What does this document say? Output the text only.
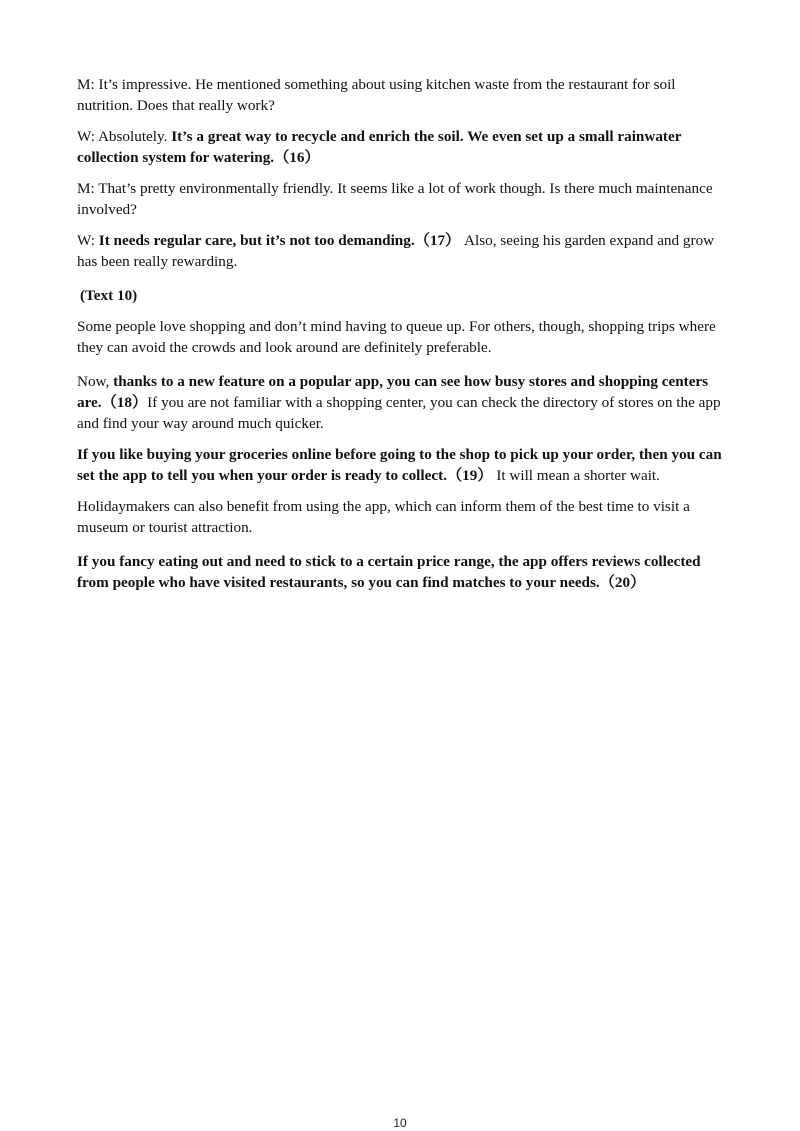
M: It’s impressive. He mentioned something about using kitchen waste from the restaurant for soil nutrition. Does that really work?

W: Absolutely. It’s a great way to recycle and enrich the soil. We even set up a small rainwater collection system for watering.（16）

M: That’s pretty environmentally friendly. It seems like a lot of work though. Is there much maintenance involved?

W: It needs regular care, but it’s not too demanding.（17） Also, seeing his garden expand and grow has been really rewarding.

(Text 10)

Some people love shopping and don’t mind having to queue up. For others, though, shopping trips where they can avoid the crowds and look around are definitely preferable.

Now, thanks to a new feature on a popular app, you can see how busy stores and shopping centers are.（18）If you are not familiar with a shopping center, you can check the directory of stores on the app and find your way around much quicker.

If you like buying your groceries online before going to the shop to pick up your order, then you can set the app to tell you when your order is ready to collect.（19） It will mean a shorter wait.

Holidaymakers can also benefit from using the app, which can inform them of the best time to visit a museum or tourist attraction.

If you fancy eating out and need to stick to a certain price range, the app offers reviews collected from people who have visited restaurants, so you can find matches to your needs.（20）

10
